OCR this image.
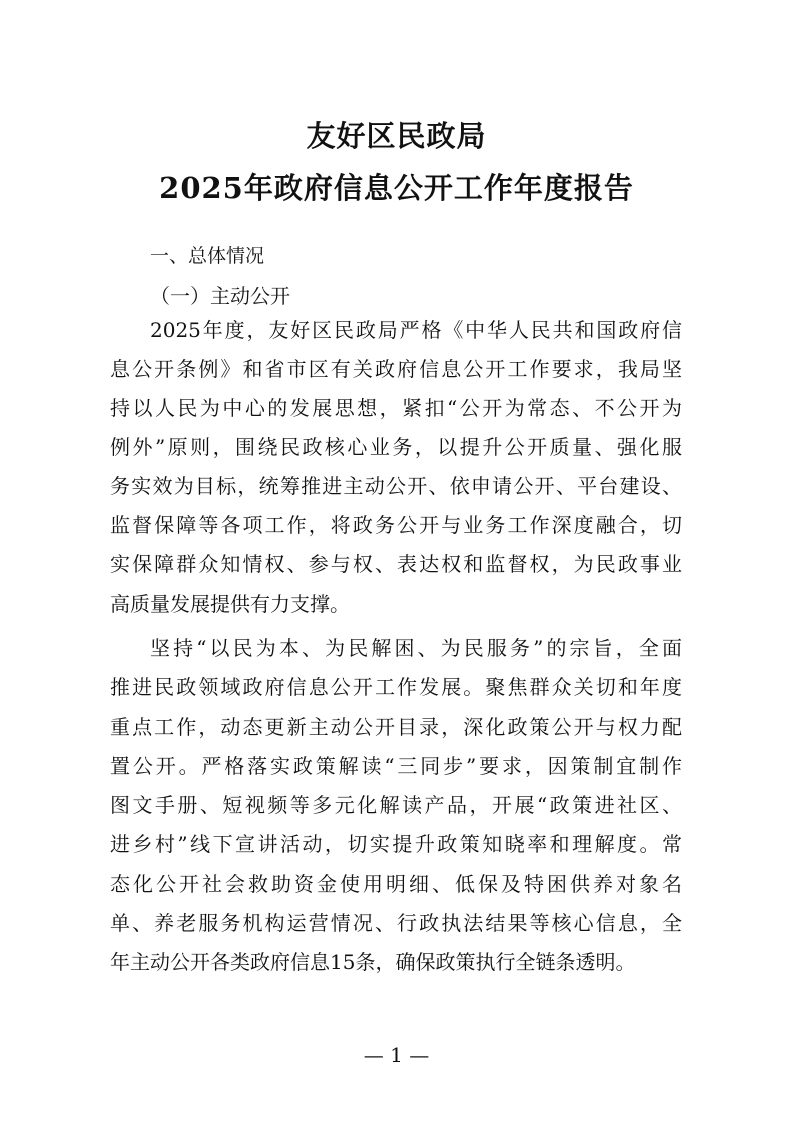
友好区民政局
2025年政府信息公开工作年度报告
一、总体情况
（一）主动公开
2025年度，友好区民政局严格《中华人民共和国政府信
息公开条例》和省市区有关政府信息公开工作要求，我局坚
持以人民为中心的发展思想，紧扣“公开为常态、不公开为
例外”原则，围绕民政核心业务，以提升公开质量、强化服
务实效为目标，统筹推进主动公开、依申请公开、平台建设、
监督保障等各项工作，将政务公开与业务工作深度融合，切
实保障群众知情权、参与权、表达权和监督权，为民政事业
高质量发展提供有力支撑。
坚持“以民为本、为民解困、为民服务”的宗旨，全面
推进民政领域政府信息公开工作发展。聚焦群众关切和年度
重点工作，动态更新主动公开目录，深化政策公开与权力配
置公开。严格落实政策解读“三同步”要求，因策制宜制作
图文手册、短视频等多元化解读产品，开展“政策进社区、
进乡村”线下宣讲活动，切实提升政策知晓率和理解度。常
态化公开社会救助资金使用明细、低保及特困供养对象名
单、养老服务机构运营情况、行政执法结果等核心信息，全
年主动公开各类政府信息15条，确保政策执行全链条透明。
— 1 —
